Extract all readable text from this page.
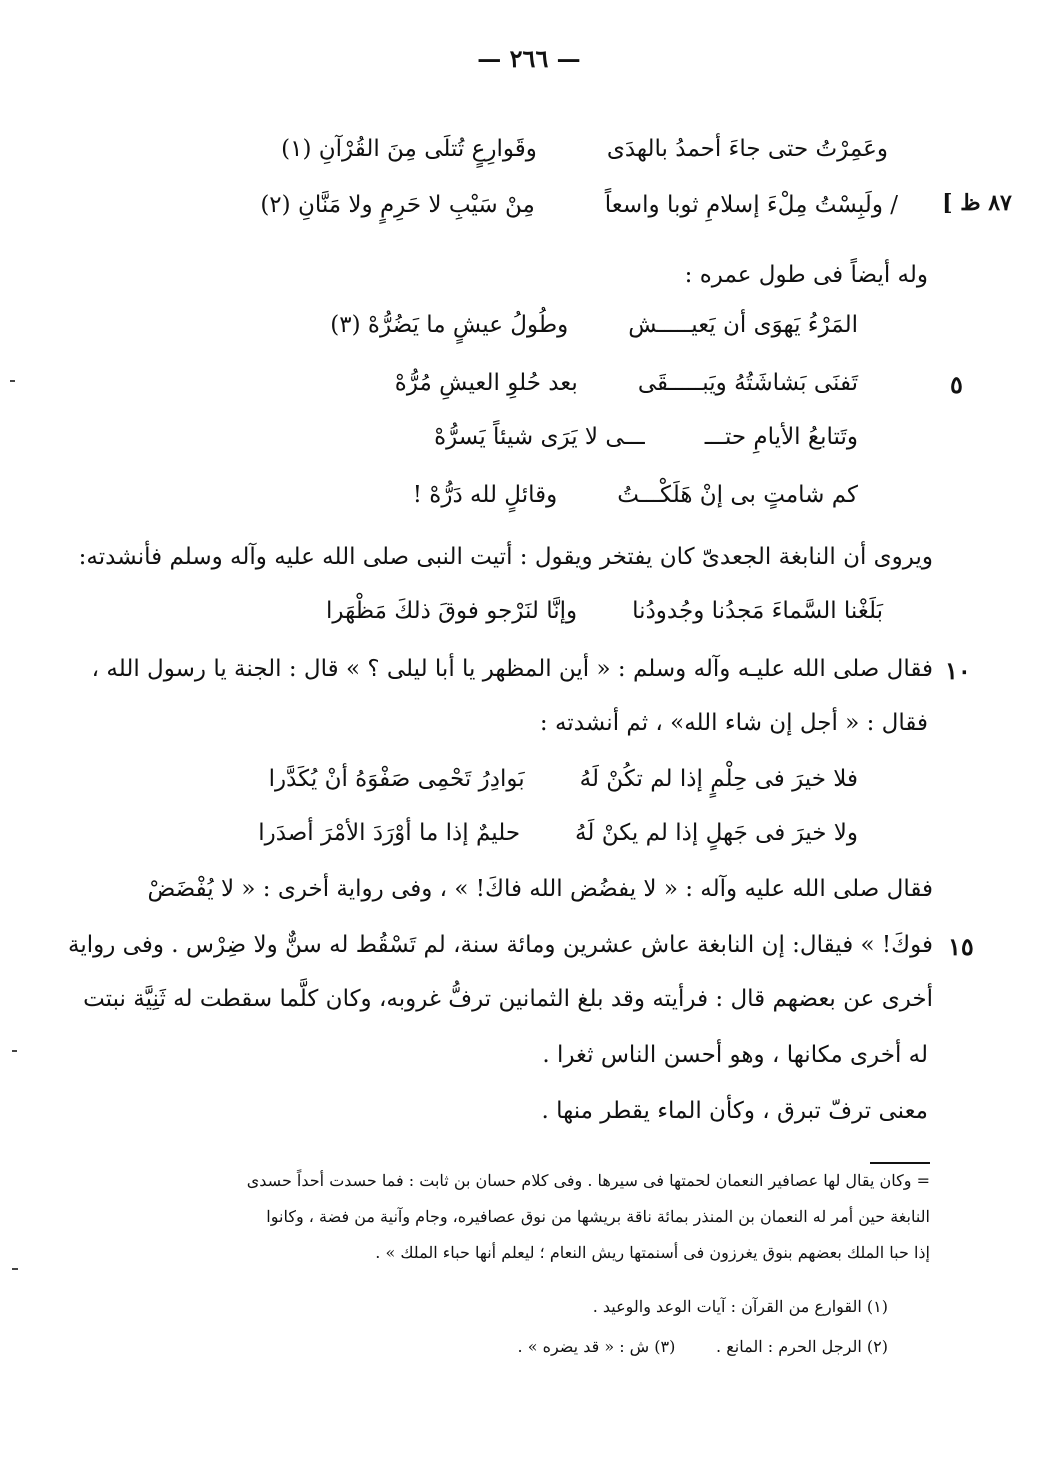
— ٢٦٦ —
وعَمِرْتُ حتى جاءَ أحمدُ بالهدَى
وقَوارِعٍ تُتلَى مِنَ القُرْآنِ (١)
/ ولَبِسْتُ مِلْءَ إسلامِ ثوبا واسعاً
مِنْ سَيْبِ لا حَرِمٍ ولا مَنَّانِ (٢)	[ ٨٧ ظ
وله أيضاً فى طول عمره :
المَرْءُ يَهوَى أن يَعيـــــش
وطُولُ عيشٍ ما يَضُرُّهْ (٣)
تَفنَى بَشاشَتُهُ ويَبـــــقَى
بعد حُلوِ العيشِ مُرُّهْ	٥
وتَتابعُ الأيامِ حتـــ
ـــى لا يَرَى شيئاً يَسرُّهْ
كم شامتٍ بى إنْ هَلَكْـــتُ
وقائلٍ لله دَرُّهْ !
ويروى أن النابغة الجعدىّ كان يفتخر ويقول : أتيت النبى صلى الله عليه وآله وسلم فأنشدته:
بَلَغْنا السَّماءَ مَجدُنا وجُدودُنا
وإنَّا لنَرْجو فوقَ ذلكَ مَظْهَرا
فقال صلى الله عليـه وآله وسلم : « أين المظهر يا أبا ليلى ؟ » قال : الجنة يا رسول الله ، ١٠
فقال : « أجل إن شاء الله» ، ثم أنشدته :
فلا خيرَ فى حِلْمٍ إذا لم تكُنْ لَهُ
بَوادِرُ تَحْمِى صَفْوَهُ أنْ يُكَدَّرا
ولا خيرَ فى جَهلٍ إذا لم يكنْ لَهُ
حليمٌ إذا ما أوْرَدَ الأمْرَ أصدَرا
فقال صلى الله عليه وآله : « لا يفضُض الله فاكَ! » ، وفى رواية أخرى : « لا يُفْضَضْ
فوكَ! » فيقال: إن النابغة عاش عشرين ومائة سنة، لم تَسْقُط له سنٌّ ولا ضِرْس . وفى رواية ١٥
أخرى عن بعضهم قال : فرأيته وقد بلغ الثمانين ترفُّ غروبه، وكان كلَّما سقطت له ثَنِيَّة نبتت
له أخرى مكانها ، وهو أحسن الناس ثغرا .
معنى ترفّ تبرق ، وكأن الماء يقطر منها .
= وكان يقال لها عصافير النعمان لحمتها فى سيرها . وفى كلام حسان بن ثابت : فما حسدت أحداً حسدى
النابغة حين أمر له النعمان بن المنذر بمائة ناقة بريشها من نوق عصافيره، وجام وآنية من فضة ، وكانوا
إذا حبا الملك بعضهم بنوق يغرزون فى أسنمتها ريش النعام ؛ ليعلم أنها حباء الملك » .
(١) القوارع من القرآن : آيات الوعد والوعيد .
(٢) الرجل الحرم : المانع .        (٣) ش : « قد يضره » .
